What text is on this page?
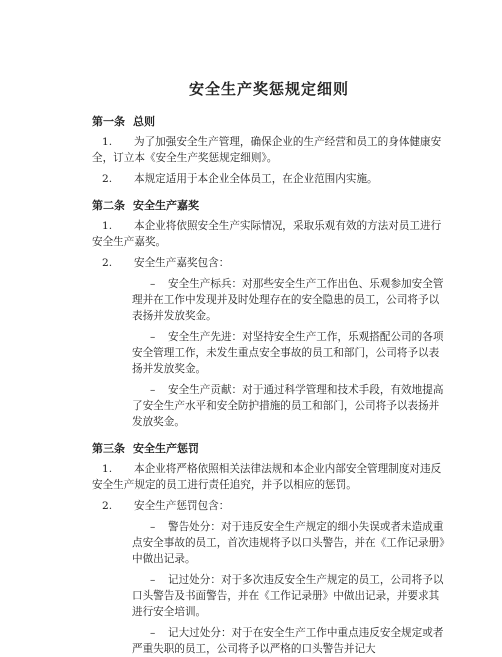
安全生产奖惩规定细则
第一条 总则
1. 为了加强安全生产管理，确保企业的生产经营和员工的身体健康安全，订立本《安全生产奖惩规定细则》。
2. 本规定适用于本企业全体员工，在企业范围内实施。
第二条 安全生产嘉奖
1. 本企业将依照安全生产实际情况，采取乐观有效的方法对员工进行安全生产嘉奖。
2. 安全生产嘉奖包含：
– 安全生产标兵：对那些安全生产工作出色、乐观参加安全管理并在工作中发现并及时处理存在的安全隐患的员工，公司将予以表扬并发放奖金。
– 安全生产先进：对坚持安全生产工作，乐观搭配公司的各项安全管理工作，未发生重点安全事故的员工和部门，公司将予以表扬并发放奖金。
– 安全生产贡献：对于通过科学管理和技术手段，有效地提高了安全生产水平和安全防护措施的员工和部门，公司将予以表扬并发放奖金。
第三条 安全生产惩罚
1. 本企业将严格依照相关法律法规和本企业内部安全管理制度对违反安全生产规定的员工进行责任追究，并予以相应的惩罚。
2. 安全生产惩罚包含：
– 警告处分：对于违反安全生产规定的细小失误或者未造成重点安全事故的员工，首次违规将予以口头警告，并在《工作记录册》中做出记录。
– 记过处分：对于多次违反安全生产规定的员工，公司将予以口头警告及书面警告，并在《工作记录册》中做出记录，并要求其进行安全培训。
– 记大过处分：对于在安全生产工作中重点违反安全规定或者严重失职的员工，公司将予以严格的口头警告并记大
